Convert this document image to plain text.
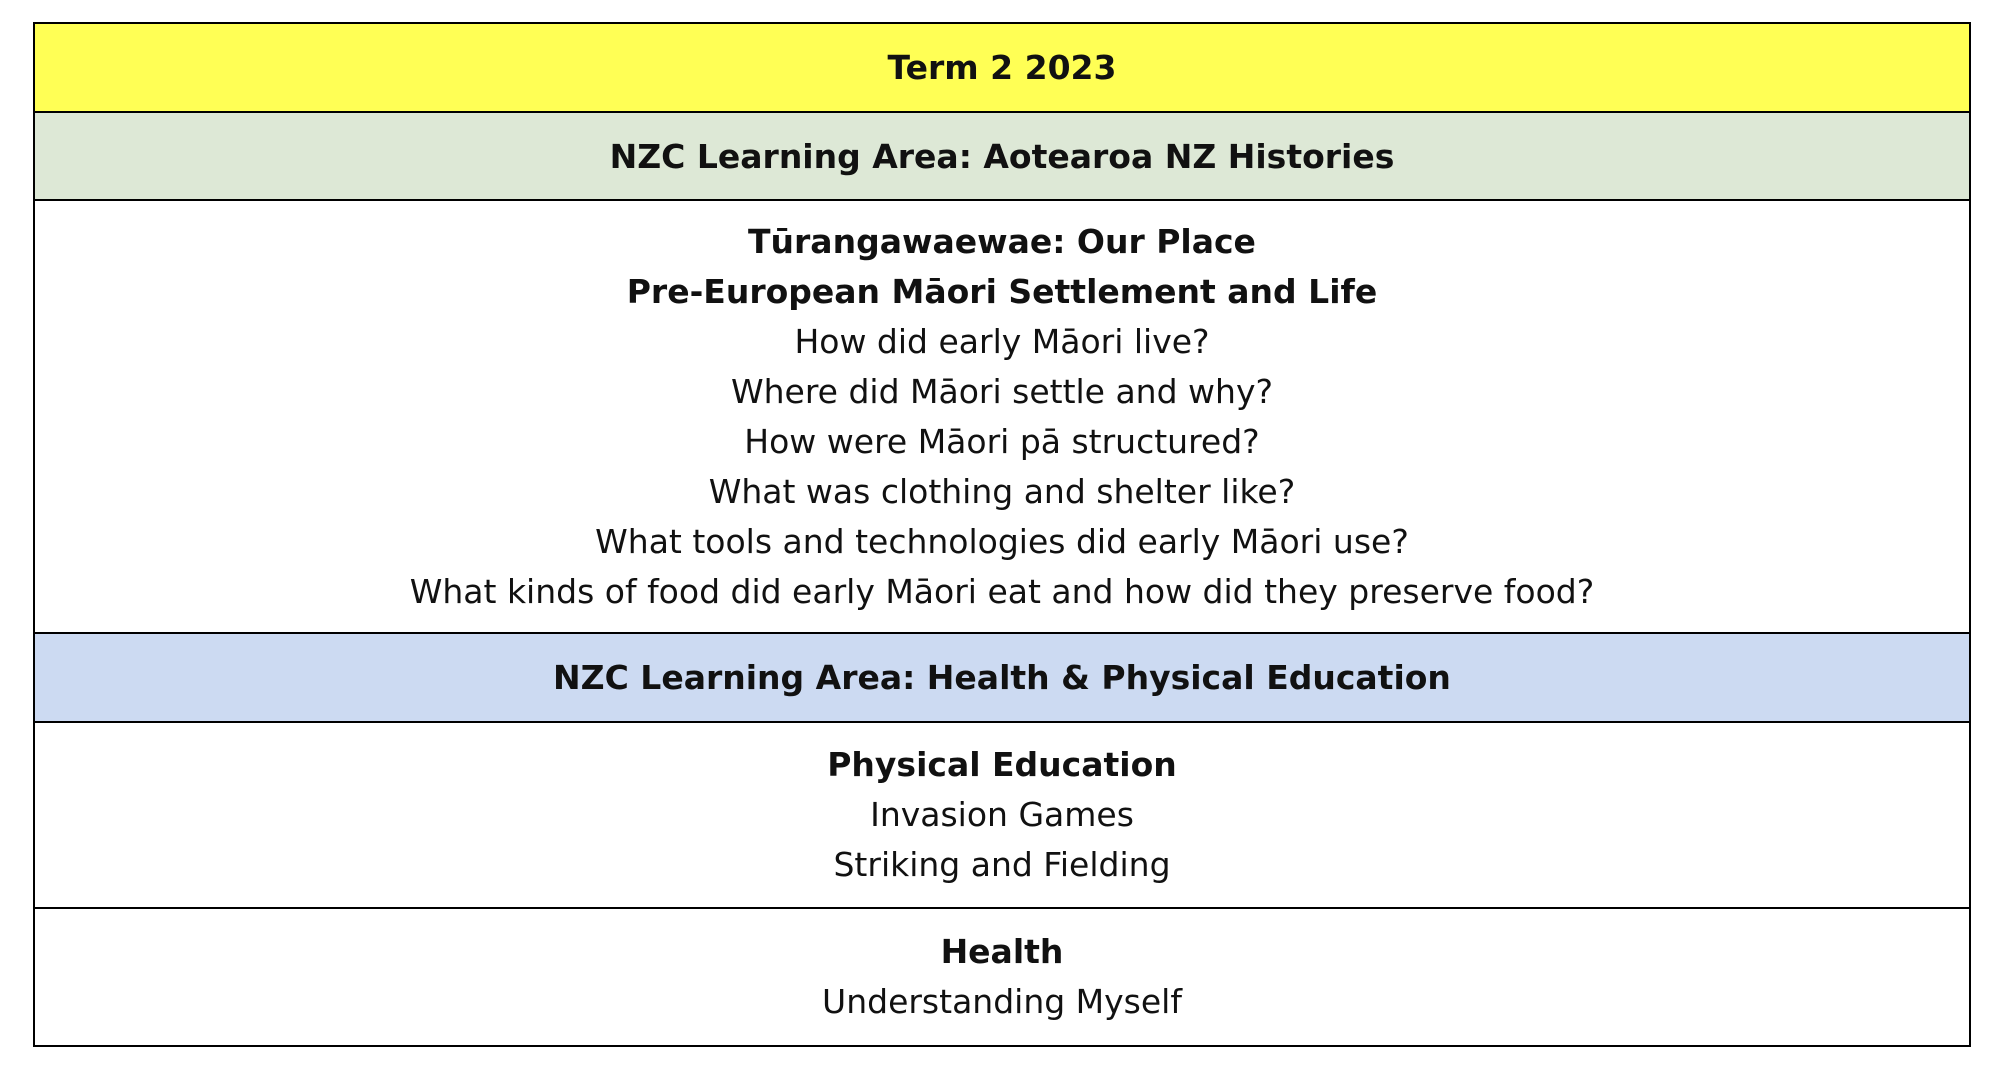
Term 2 2023
NZC Learning Area: Aotearoa NZ Histories
Tūrangawaewae: Our Place
Pre-European Māori Settlement and Life
How did early Māori live?
Where did Māori settle and why?
How were Māori pā structured?
What was clothing and shelter like?
What tools and technologies did early Māori use?
What kinds of food did early Māori eat and how did they preserve food?
NZC Learning Area: Health & Physical Education
Physical Education
Invasion Games
Striking and Fielding
Health
Understanding Myself
